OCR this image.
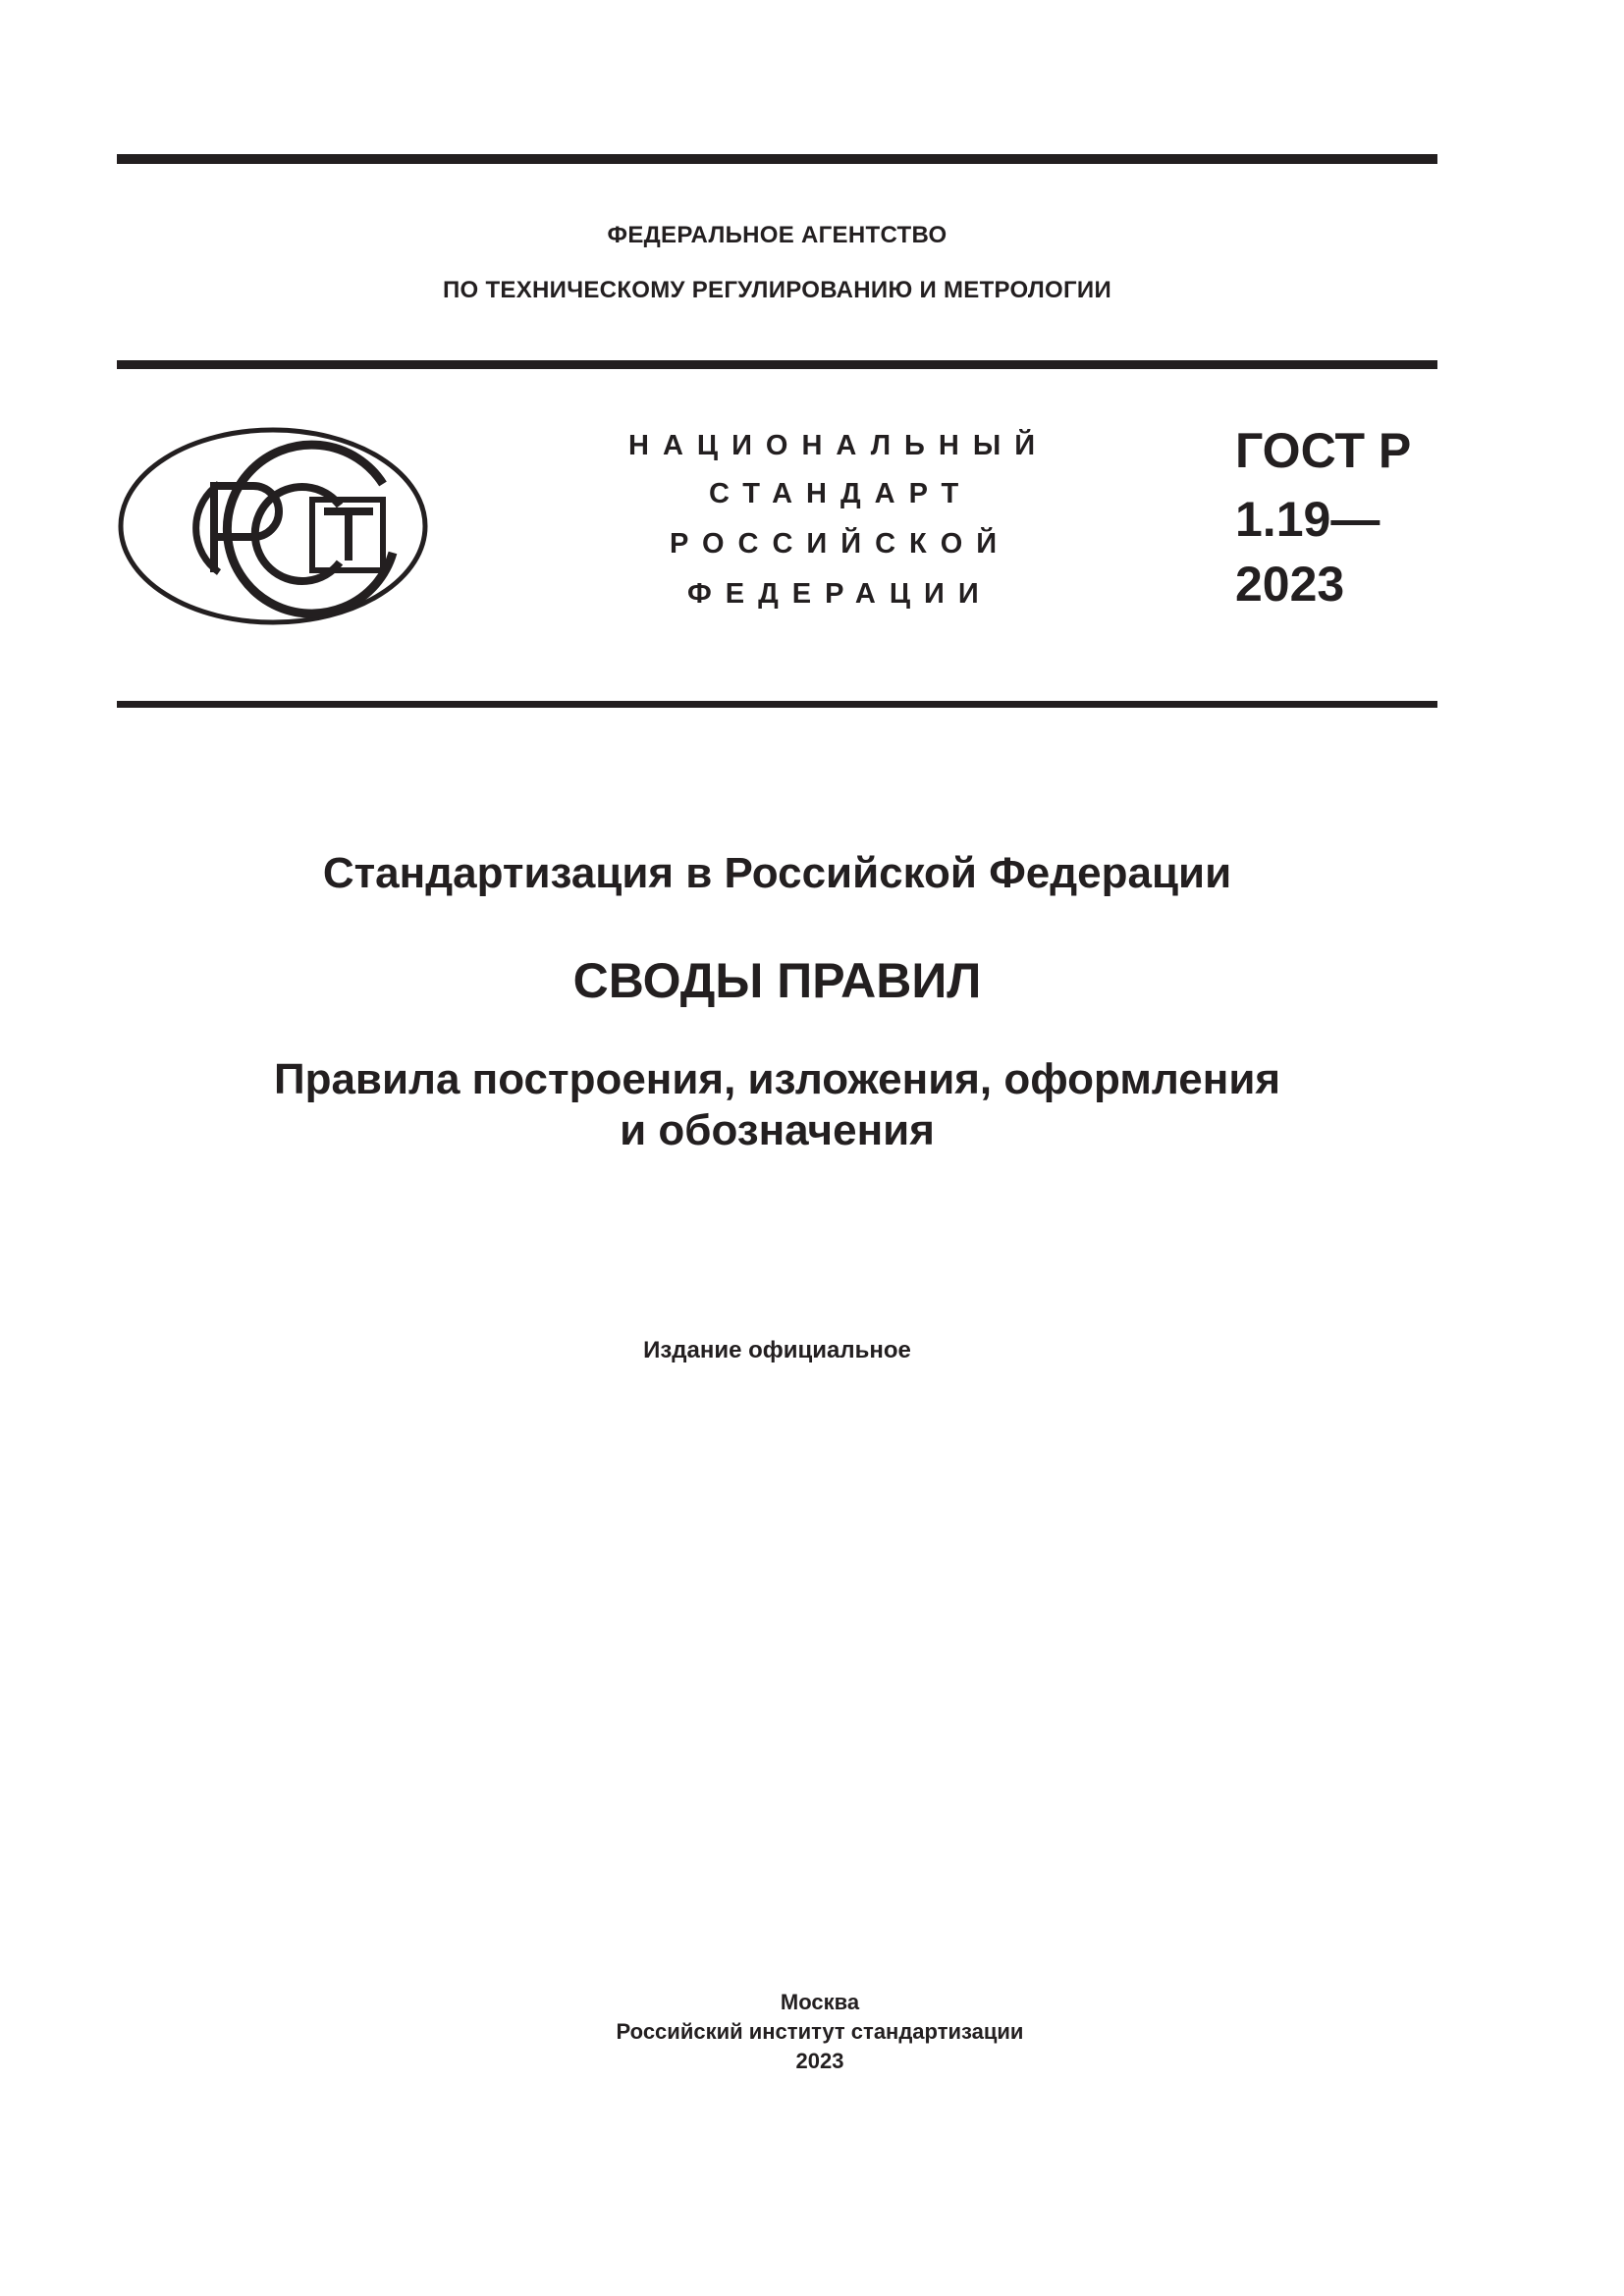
ФЕДЕРАЛЬНОЕ АГЕНТСТВО
ПО ТЕХНИЧЕСКОМУ РЕГУЛИРОВАНИЮ И МЕТРОЛОГИИ
НАЦИОНАЛЬНЫЙ
СТАНДАРТ
РОССИЙСКОЙ
ФЕДЕРАЦИИ
ГОСТ Р
1.19—
2023
Стандартизация в Российской Федерации
СВОДЫ ПРАВИЛ
Правила построения, изложения, оформления
и обозначения
Издание официальное
Москва
Российский институт стандартизации
2023
